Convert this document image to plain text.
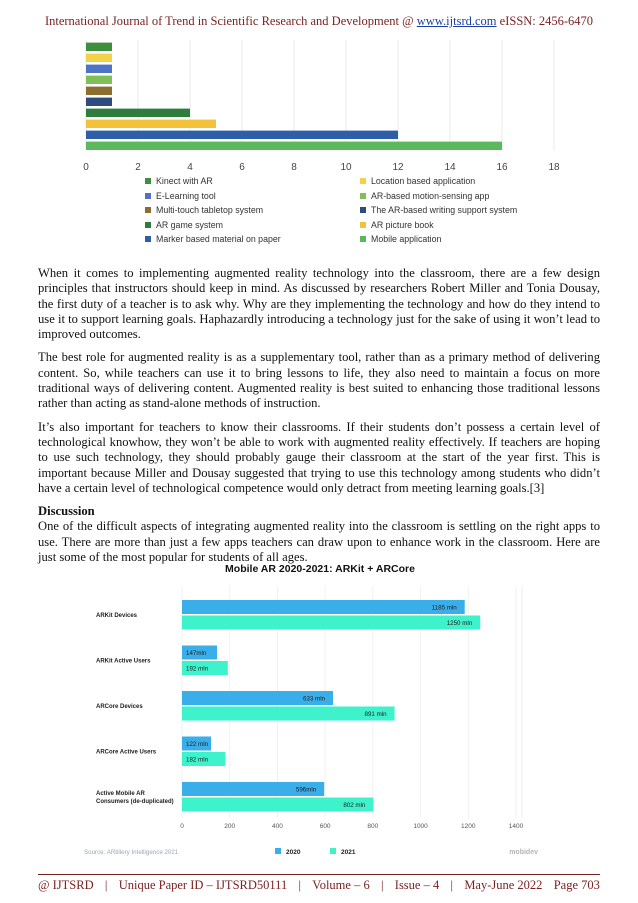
International Journal of Trend in Scientific Research and Development @ www.ijtsrd.com eISSN: 2456-6470
0	2	4	6	8	10	12	14	16	18
Kinect with AR	Location based application
E-Learning tool	AR-based motion-sensing app
Multi-touch tabletop system	The AR-based writing support system
AR game system	AR picture book
Marker based material on paper	Mobile application

When it comes to implementing augmented reality technology into the classroom, there are a few design principles that instructors should keep in mind. As discussed by researchers Robert Miller and Tonia Dousay, the first duty of a teacher is to ask why. Why are they implementing the technology and how do they intend to use it to support learning goals. Haphazardly introducing a technology just for the sake of using it won’t lead to improved outcomes.

The best role for augmented reality is as a supplementary tool, rather than as a primary method of delivering content. So, while teachers can use it to bring lessons to life, they also need to maintain a focus on more traditional ways of delivering content. Augmented reality is best suited to enhancing those traditional lessons rather than acting as stand-alone methods of instruction.

It’s also important for teachers to know their classrooms. If their students don’t possess a certain level of technological knowhow, they won’t be able to work with augmented reality effectively. If teachers are hoping to use such technology, they should probably gauge their classroom at the start of the year first. This is important because Miller and Dousay suggested that trying to use this technology among students who didn’t have a certain level of technological competence would only detract from meeting learning goals.[3]

Discussion

One of the difficult aspects of integrating augmented reality into the classroom is settling on the right apps to use. There are more than just a few apps teachers can draw upon to enhance work in the classroom. Here are just some of the most popular for students of all ages.

Mobile AR 2020-2021: ARKit + ARCore
0	200	400	600	800	1000	1200	1400
ARKit Devices
1185 mln
1250 mln
ARKit Active Users
147mln
192 mln
ARCore Devices
633 mln
891 mln
ARCore Active Users
122 mln
182 mln
Active Mobile AR
Consumers (de-duplicated)
596mln
802 mln
Source: ARtillery Intelligence 2021	2020	2021	mobidev
@ IJTSRD | Unique Paper ID – IJTSRD50111 | Volume – 6 | Issue – 4 | May-June 2022 Page 703
